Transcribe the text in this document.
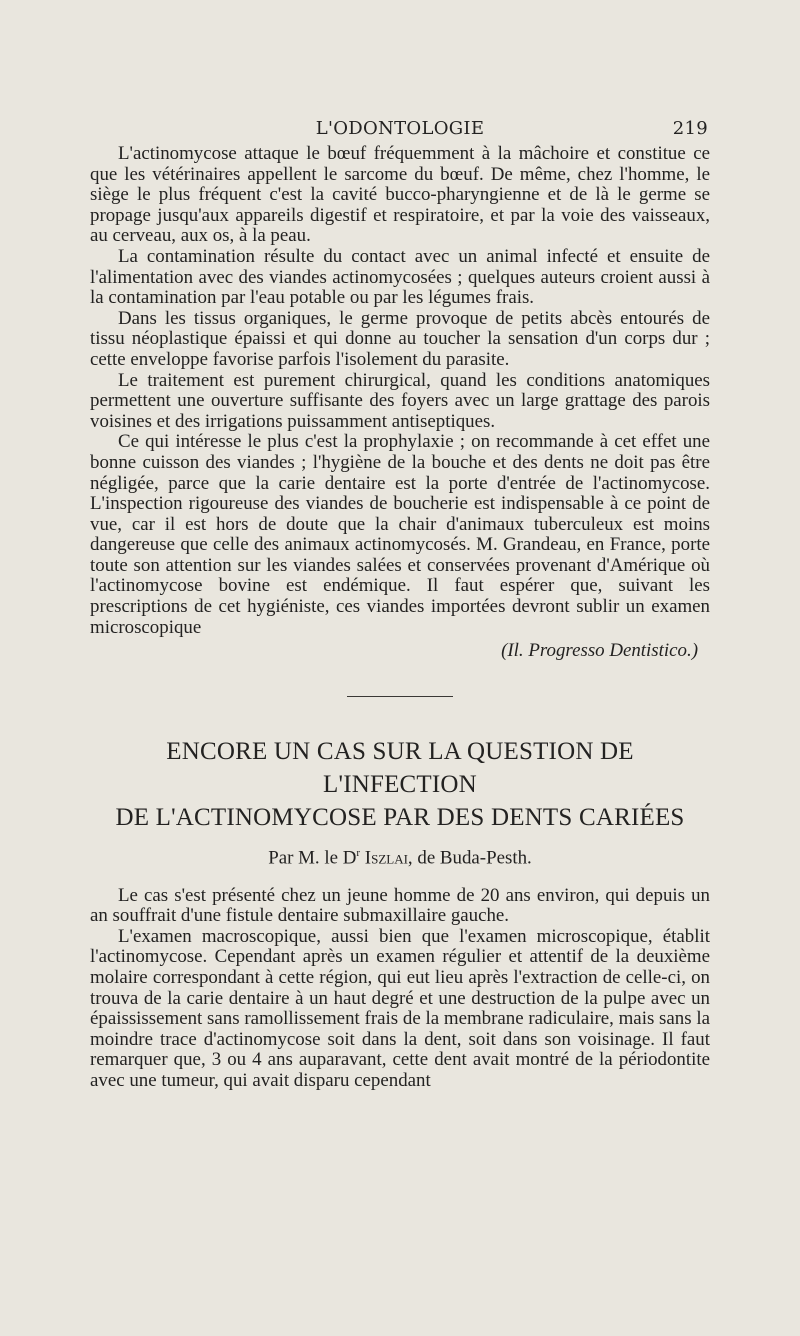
L'ODONTOLOGIE	219

L'actinomycose attaque le bœuf fréquemment à la mâchoire et constitue ce que les vétérinaires appellent le sarcome du bœuf. De même, chez l'homme, le siège le plus fréquent c'est la cavité bucco-pharyngienne et de là le germe se propage jusqu'aux appareils digestif et respiratoire, et par la voie des vaisseaux, au cerveau, aux os, à la peau.

La contamination résulte du contact avec un animal infecté et ensuite de l'alimentation avec des viandes actinomycosées ; quelques auteurs croient aussi à la contamination par l'eau potable ou par les légumes frais.

Dans les tissus organiques, le germe provoque de petits abcès entourés de tissu néoplastique épaissi et qui donne au toucher la sensation d'un corps dur ; cette enveloppe favorise parfois l'isolement du parasite.

Le traitement est purement chirurgical, quand les conditions anatomiques permettent une ouverture suffisante des foyers avec un large grattage des parois voisines et des irrigations puissamment antiseptiques.

Ce qui intéresse le plus c'est la prophylaxie ; on recommande à cet effet une bonne cuisson des viandes ; l'hygiène de la bouche et des dents ne doit pas être négligée, parce que la carie dentaire est la porte d'entrée de l'actinomycose. L'inspection rigoureuse des viandes de boucherie est indispensable à ce point de vue, car il est hors de doute que la chair d'animaux tuberculeux est moins dangereuse que celle des animaux actinomycosés. M. Grandeau, en France, porte toute son attention sur les viandes salées et conservées provenant d'Amérique où l'actinomycose bovine est endémique. Il faut espérer que, suivant les prescriptions de cet hygiéniste, ces viandes importées devront sublir un examen microscopique

(Il. Progresso Dentistico.)
ENCORE UN CAS SUR LA QUESTION DE L'INFECTION
DE L'ACTINOMYCOSE PAR DES DENTS CARIÉES
Par M. le $D^r$ Iszlai, de Buda-Pesth.

Le cas s'est présenté chez un jeune homme de 20 ans environ, qui depuis un an souffrait d'une fistule dentaire submaxillaire gauche.

L'examen macroscopique, aussi bien que l'examen microscopique, établit l'actinomycose. Cependant après un examen régulier et attentif de la deuxième molaire correspondant à cette région, qui eut lieu après l'extraction de celle-ci, on trouva de la carie dentaire à un haut degré et une destruction de la pulpe avec un épaississement sans ramollissement frais de la membrane radiculaire, mais sans la moindre trace d'actinomycose soit dans la dent, soit dans son voisinage. Il faut remarquer que, 3 ou 4 ans auparavant, cette dent avait montré de la périodontite avec une tumeur, qui avait disparu cependant
